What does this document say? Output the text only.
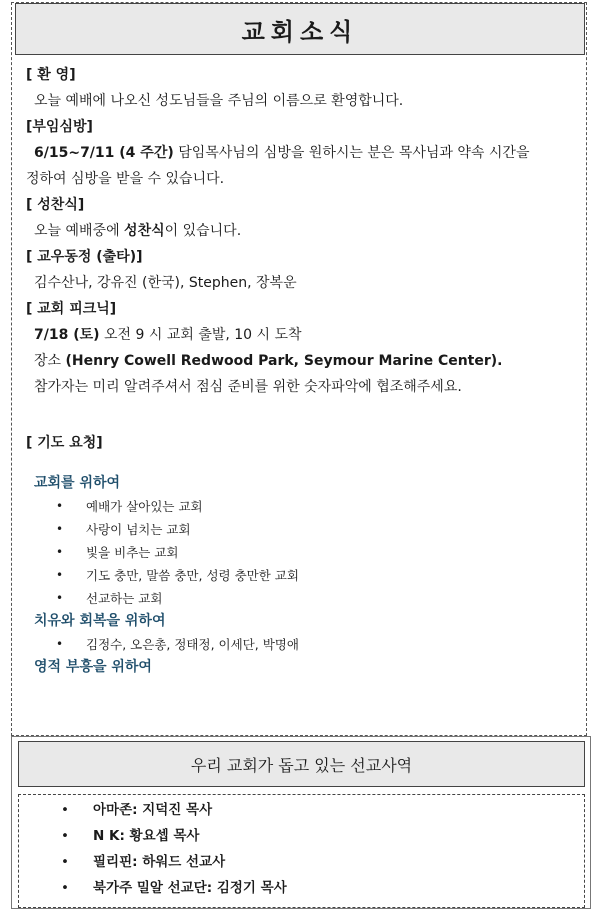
교회소식
[ 환 영]
오늘 예배에 나오신 성도님들을 주님의 이름으로 환영합니다.
[부임심방]
6/15~7/11 (4 주간) 담임목사님의 심방을 원하시는 분은 목사님과 약속 시간을
정하여 심방을 받을 수 있습니다.
[ 성찬식]
오늘 예배중에 성찬식이 있습니다.
[ 교우동정 (출타)]
김수산나, 강유진 (한국), Stephen, 장복운
[ 교회 피크닉]
7/18 (토) 오전 9 시 교회 출발, 10 시 도착
장소 (Henry Cowell Redwood Park, Seymour Marine Center).
참가자는 미리 알려주셔서 점심 준비를 위한 숫자파악에 협조해주세요.
[ 기도 요청]
교회를 위하여
• 예배가 살아있는 교회
• 사랑이 넘치는 교회
• 빛을 비추는 교회
• 기도 충만, 말씀 충만, 성령 충만한 교회
• 선교하는 교회
치유와 회복을 위하여
• 김정수, 오은총, 정태정, 이세단, 박명애
영적 부흥을 위하여
우리 교회가 돕고 있는 선교사역
• 아마존: 지덕진 목사
• N K: 황요셉 목사
• 필리핀: 하워드 선교사
• 북가주 밀알 선교단: 김정기 목사
